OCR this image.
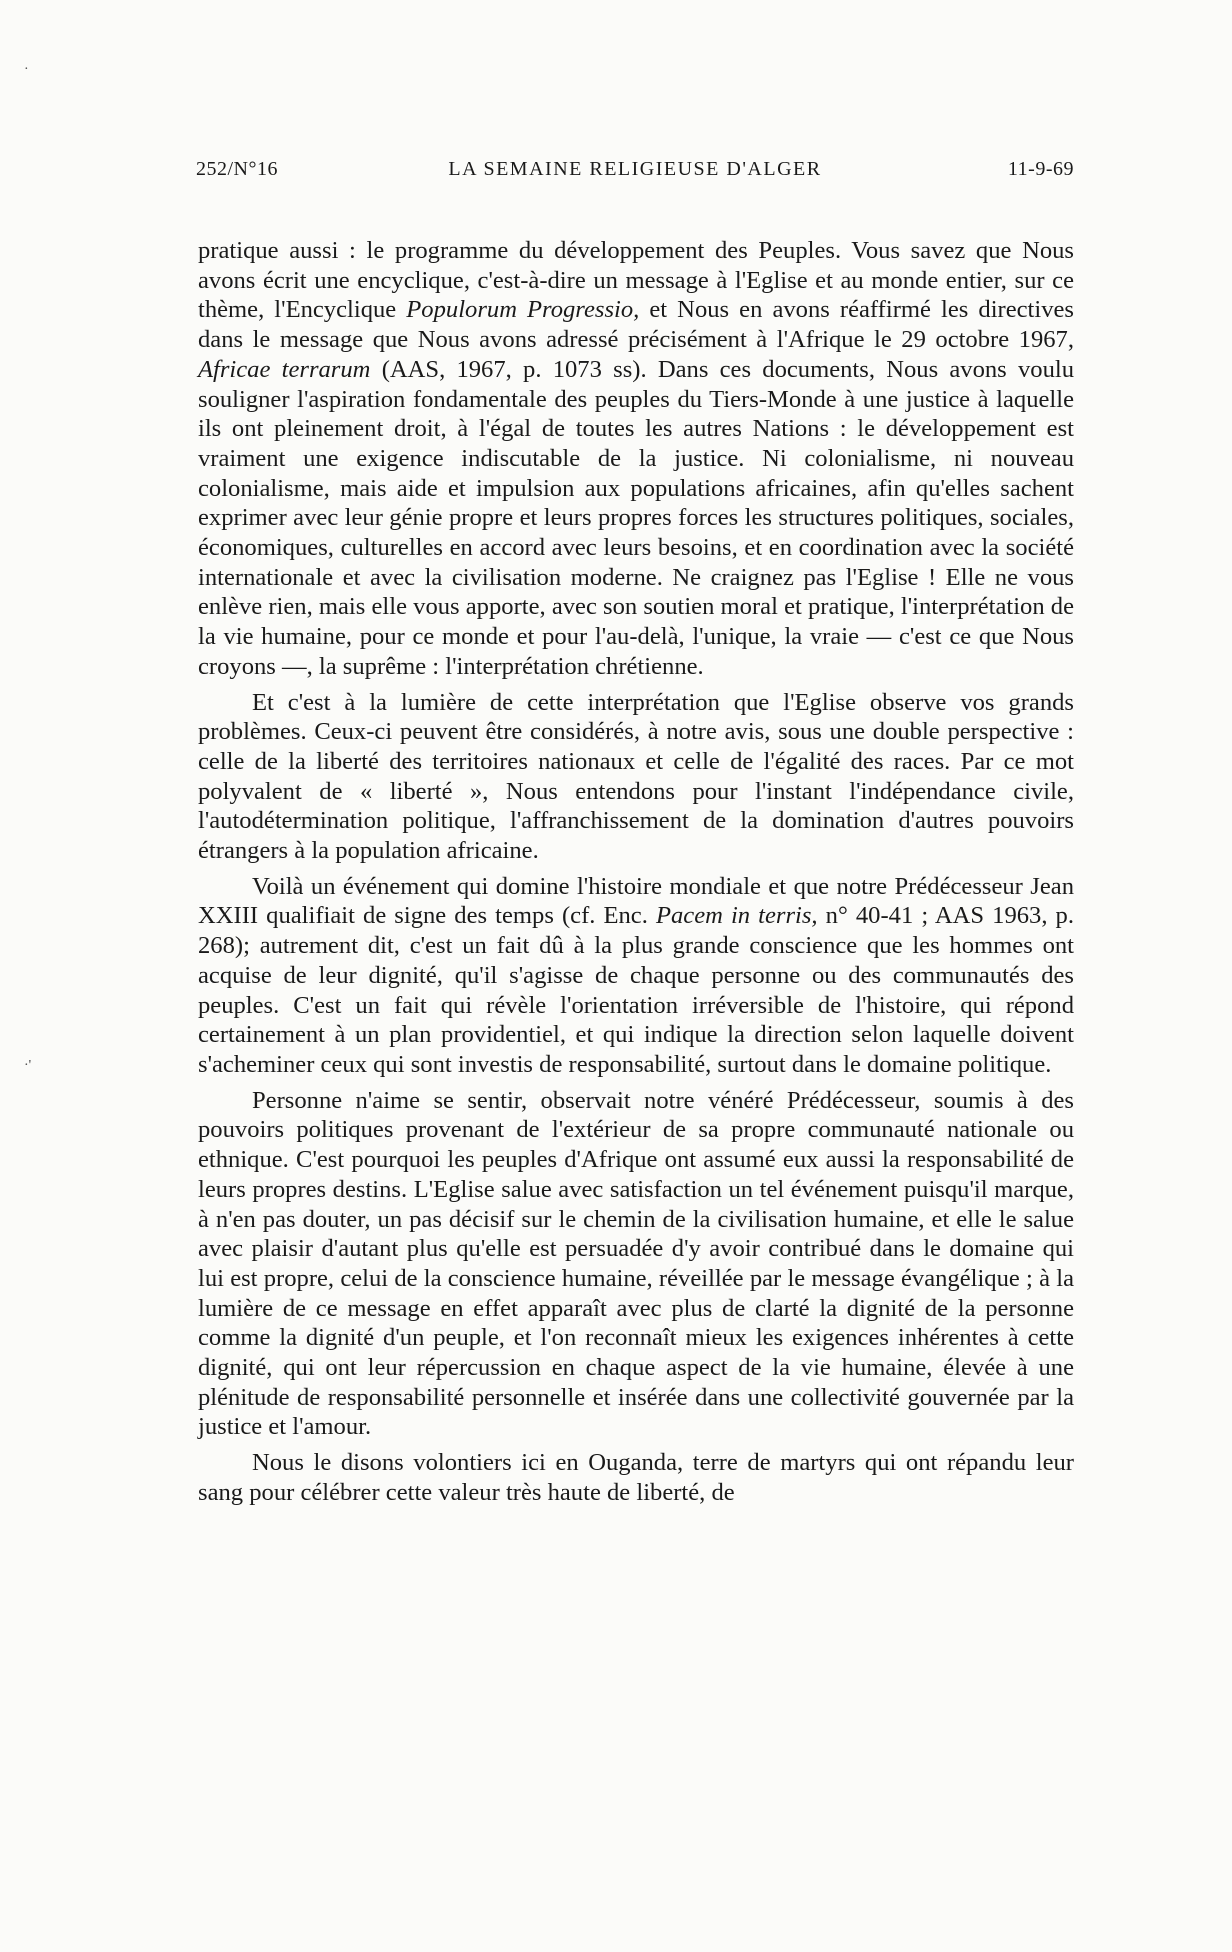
252/N°16	LA SEMAINE RELIGIEUSE D'ALGER	11-9-69

pratique aussi : le programme du développement des Peuples. Vous savez que Nous avons écrit une encyclique, c'est-à-dire un message à l'Eglise et au monde entier, sur ce thème, l'Encyclique Populorum Progressio, et Nous en avons réaffirmé les directives dans le message que Nous avons adressé précisément à l'Afrique le 29 octobre 1967, Africae terrarum (AAS, 1967, p. 1073 ss). Dans ces documents, Nous avons voulu souligner l'aspiration fondamentale des peuples du Tiers-Monde à une justice à laquelle ils ont pleinement droit, à l'égal de toutes les autres Nations : le développement est vraiment une exigence indiscutable de la justice. Ni colonialisme, ni nouveau colonialisme, mais aide et impulsion aux populations africaines, afin qu'elles sachent exprimer avec leur génie propre et leurs propres forces les structures politiques, sociales, économiques, culturelles en accord avec leurs besoins, et en coordination avec la société internationale et avec la civilisation moderne. Ne craignez pas l'Eglise ! Elle ne vous enlève rien, mais elle vous apporte, avec son soutien moral et pratique, l'interprétation de la vie humaine, pour ce monde et pour l'au-delà, l'unique, la vraie — c'est ce que Nous croyons —, la suprême : l'interprétation chrétienne.

Et c'est à la lumière de cette interprétation que l'Eglise observe vos grands problèmes. Ceux-ci peuvent être considérés, à notre avis, sous une double perspective : celle de la liberté des territoires nationaux et celle de l'égalité des races. Par ce mot polyvalent de « liberté », Nous entendons pour l'instant l'indépendance civile, l'autodétermination politique, l'affranchissement de la domination d'autres pouvoirs étrangers à la population africaine.

Voilà un événement qui domine l'histoire mondiale et que notre Prédécesseur Jean XXIII qualifiait de signe des temps (cf. Enc. Pacem in terris, n° 40-41 ; AAS 1963, p. 268); autrement dit, c'est un fait dû à la plus grande conscience que les hommes ont acquise de leur dignité, qu'il s'agisse de chaque personne ou des communautés des peuples. C'est un fait qui révèle l'orientation irréversible de l'histoire, qui répond certainement à un plan providentiel, et qui indique la direction selon laquelle doivent s'acheminer ceux qui sont investis de responsabilité, surtout dans le domaine politique.

Personne n'aime se sentir, observait notre vénéré Prédécesseur, soumis à des pouvoirs politiques provenant de l'extérieur de sa propre communauté nationale ou ethnique. C'est pourquoi les peuples d'Afrique ont assumé eux aussi la responsabilité de leurs propres destins. L'Eglise salue avec satisfaction un tel événement puisqu'il marque, à n'en pas douter, un pas décisif sur le chemin de la civilisation humaine, et elle le salue avec plaisir d'autant plus qu'elle est persuadée d'y avoir contribué dans le domaine qui lui est propre, celui de la conscience humaine, réveillée par le message évangélique ; à la lumière de ce message en effet apparaît avec plus de clarté la dignité de la personne comme la dignité d'un peuple, et l'on reconnaît mieux les exigences inhérentes à cette dignité, qui ont leur répercussion en chaque aspect de la vie humaine, élevée à une plénitude de responsabilité personnelle et insérée dans une collectivité gouvernée par la justice et l'amour.

Nous le disons volontiers ici en Ouganda, terre de martyrs qui ont répandu leur sang pour célébrer cette valeur très haute de liberté, de

·
·'
